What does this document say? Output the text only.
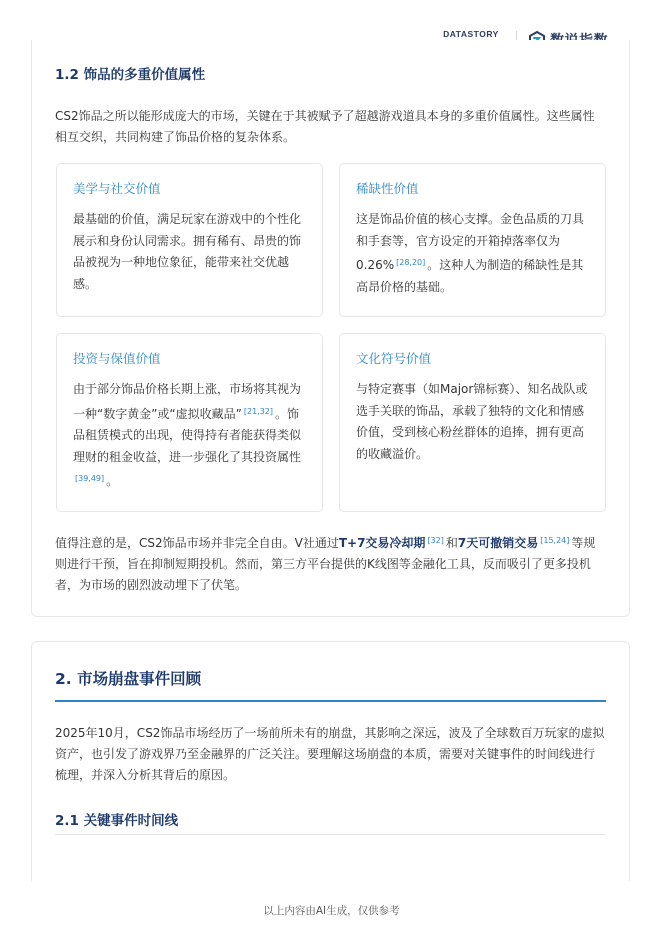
DATASTORY
1.2 饰品的多重价值属性

CS2饰品之所以能形成庞大的市场，关键在于其被赋予了超越游戏道具本身的多重价值属性。这些属性相互交织，共同构建了饰品价格的复杂体系。

美学与社交价值

最基础的价值，满足玩家在游戏中的个性化展示和身份认同需求。拥有稀有、昂贵的饰品被视为一种地位象征，能带来社交优越感。

稀缺性价值

这是饰品价值的核心支撑。金色品质的刀具和手套等，官方设定的开箱掉落率仅为0.26% [28,20] 。这种人为制造的稀缺性是其高昂价格的基础。

投资与保值价值

由于部分饰品价格长期上涨，市场将其视为一种“数字黄金”或“虚拟收藏品” [21,32] 。饰品租赁模式的出现，使得持有者能获得类似理财的租金收益，进一步强化了其投资属性[39,49] 。

文化符号价值

与特定赛事（如Major锦标赛）、知名战队或选手关联的饰品，承载了独特的文化和情感价值，受到核心粉丝群体的追捧，拥有更高的收藏溢价。

值得注意的是，CS2饰品市场并非完全自由。V社通过T+7交易冷却期 [32] 和7天可撤销交易 [15,24] 等规则进行干预，旨在抑制短期投机。然而，第三方平台提供的K线图等金融化工具，反而吸引了更多投机者，为市场的剧烈波动埋下了伏笔。

2. 市场崩盘事件回顾

2025年10月，CS2饰品市场经历了一场前所未有的崩盘，其影响之深远，波及了全球数百万玩家的虚拟资产，也引发了游戏界乃至金融界的广泛关注。要理解这场崩盘的本质，需要对关键事件的时间线进行梳理，并深入分析其背后的原因。

2.1 关键事件时间线
以上内容由AI生成，仅供参考
